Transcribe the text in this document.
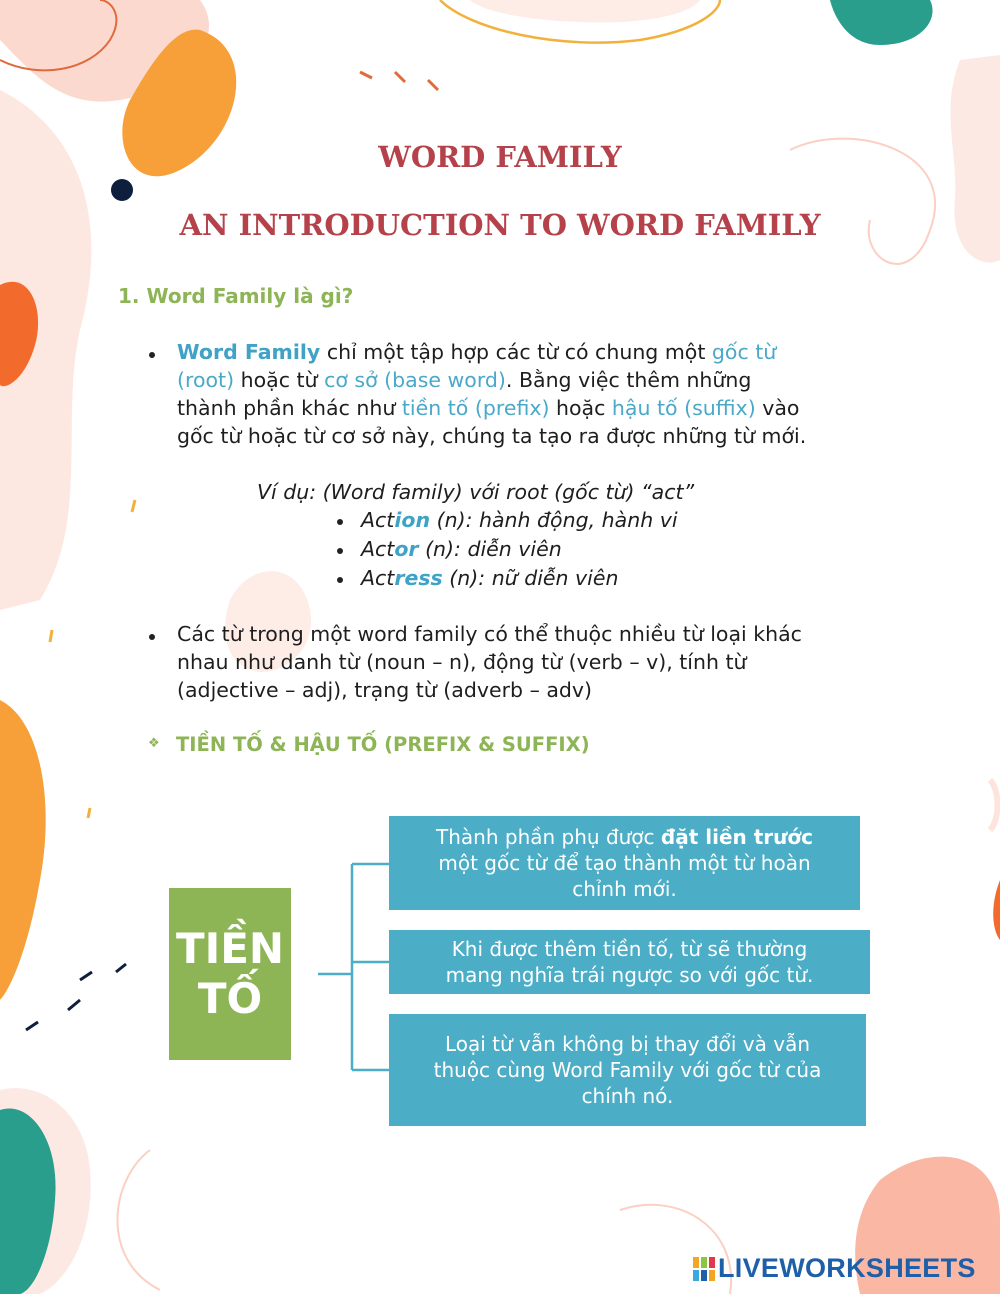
WORD FAMILY
AN INTRODUCTION TO WORD FAMILY
1. Word Family là gì?
Word Family chỉ một tập hợp các từ có chung một gốc từ
(root) hoặc từ cơ sở (base word). Bằng việc thêm những
thành phần khác như tiền tố (prefix) hoặc hậu tố (suffix) vào
gốc từ hoặc từ cơ sở này, chúng ta tạo ra được những từ mới.
Ví dụ: (Word family) với root (gốc từ) “act”
Action (n): hành động, hành vi
Actor (n): diễn viên
Actress (n): nữ diễn viên
Các từ trong một word family có thể thuộc nhiều từ loại khác
nhau như danh từ (noun – n), động từ (verb – v), tính từ
(adjective – adj), trạng từ (adverb – adv)
❖ TIỀN TỐ & HẬU TỐ (PREFIX & SUFFIX)
TIỀN
TỐ
Thành phần phụ được đặt liền trước
một gốc từ để tạo thành một từ hoàn
chỉnh mới.
Khi được thêm tiền tố, từ sẽ thường
mang nghĩa trái ngược so với gốc từ.
Loại từ vẫn không bị thay đổi và vẫn
thuộc cùng Word Family với gốc từ của
chính nó.
LIVEWORKSHEETS
